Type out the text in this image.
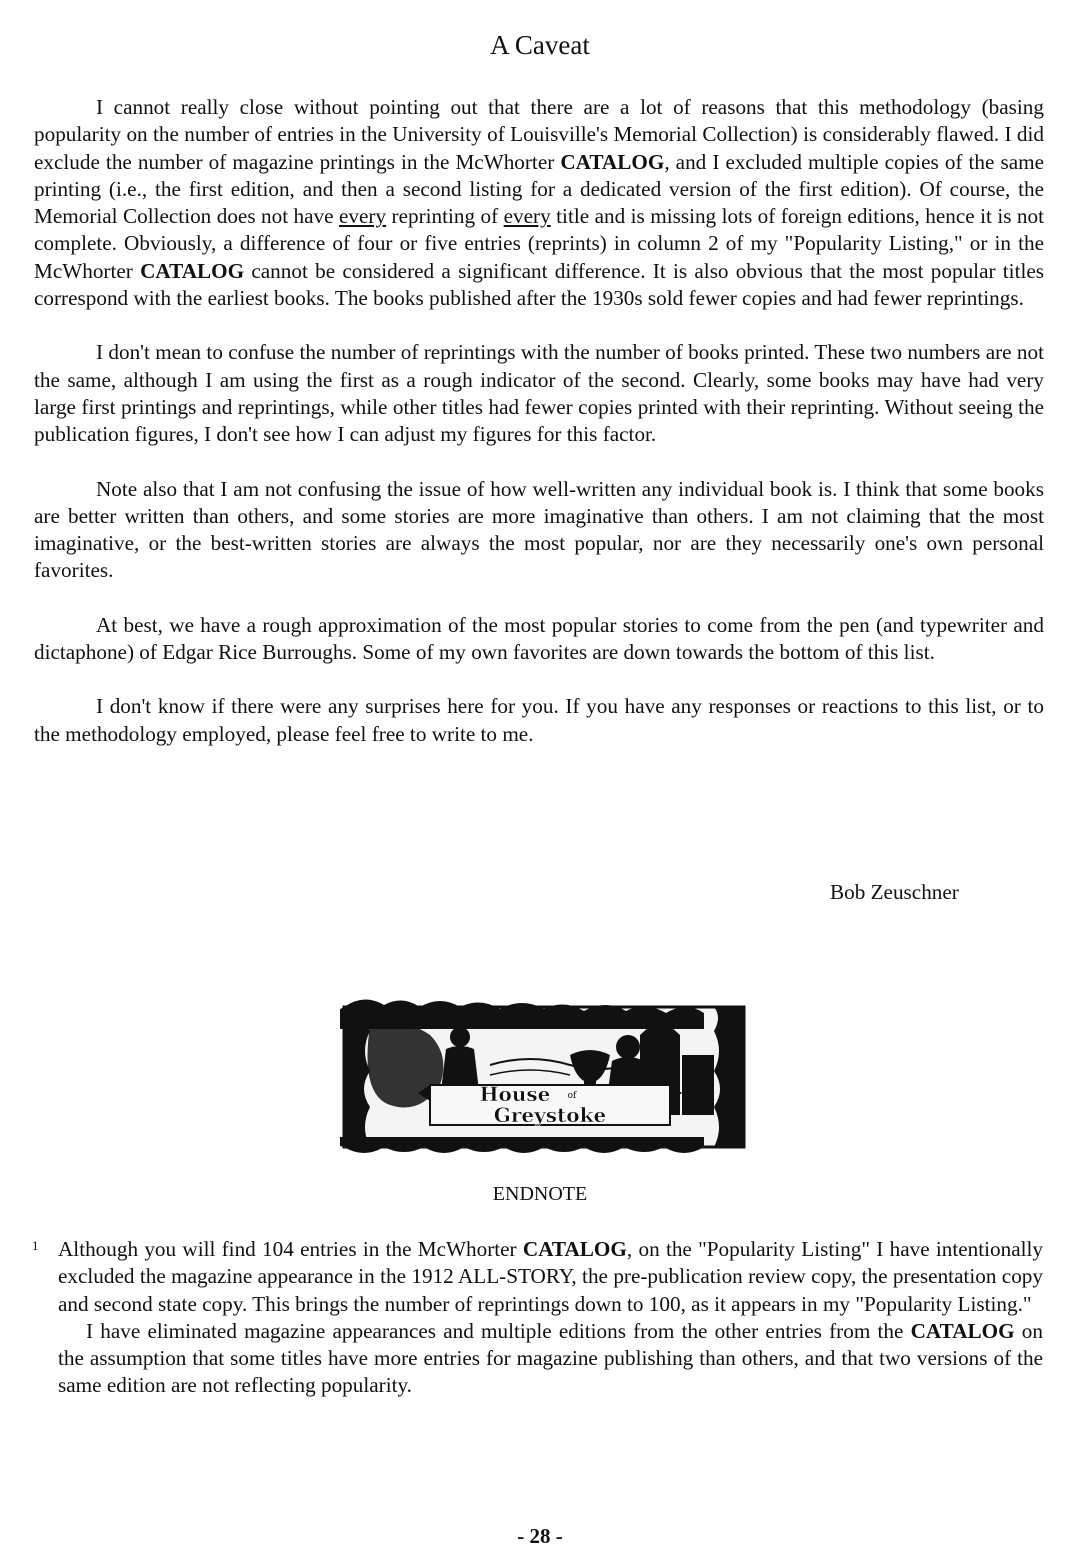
A Caveat

I cannot really close without pointing out that there are a lot of reasons that this methodology (basing popularity on the number of entries in the University of Louisville's Memorial Collection) is considerably flawed. I did exclude the number of magazine printings in the McWhorter CATALOG, and I excluded multiple copies of the same printing (i.e., the first edition, and then a second listing for a dedicated version of the first edition). Of course, the Memorial Collection does not have every reprinting of every title and is missing lots of foreign editions, hence it is not complete. Obviously, a difference of four or five entries (reprints) in column 2 of my "Popularity Listing," or in the McWhorter CATALOG cannot be considered a significant difference. It is also obvious that the most popular titles correspond with the earliest books. The books published after the 1930s sold fewer copies and had fewer reprintings.

I don't mean to confuse the number of reprintings with the number of books printed. These two numbers are not the same, although I am using the first as a rough indicator of the second. Clearly, some books may have had very large first printings and reprintings, while other titles had fewer copies printed with their reprinting. Without seeing the publication figures, I don't see how I can adjust my figures for this factor.

Note also that I am not confusing the issue of how well-written any individual book is. I think that some books are better written than others, and some stories are more imaginative than others. I am not claiming that the most imaginative, or the best-written stories are always the most popular, nor are they necessarily one's own personal favorites.

At best, we have a rough approximation of the most popular stories to come from the pen (and typewriter and dictaphone) of Edgar Rice Burroughs. Some of my own favorites are down towards the bottom of this list.

I don't know if there were any surprises here for you. If you have any responses or reactions to this list, or to the methodology employed, please feel free to write to me.

Bob Zeuschner
House of
Greystoke
ENDNOTE
1 Although you will find 104 entries in the McWhorter CATALOG, on the "Popularity Listing" I have intentionally excluded the magazine appearance in the 1912 ALL-STORY, the pre-publication review copy, the presentation copy and second state copy. This brings the number of reprintings down to 100, as it appears in my "Popularity Listing."

I have eliminated magazine appearances and multiple editions from the other entries from the CATALOG on the assumption that some titles have more entries for magazine publishing than others, and that two versions of the same edition are not reflecting popularity.

- 28 -
